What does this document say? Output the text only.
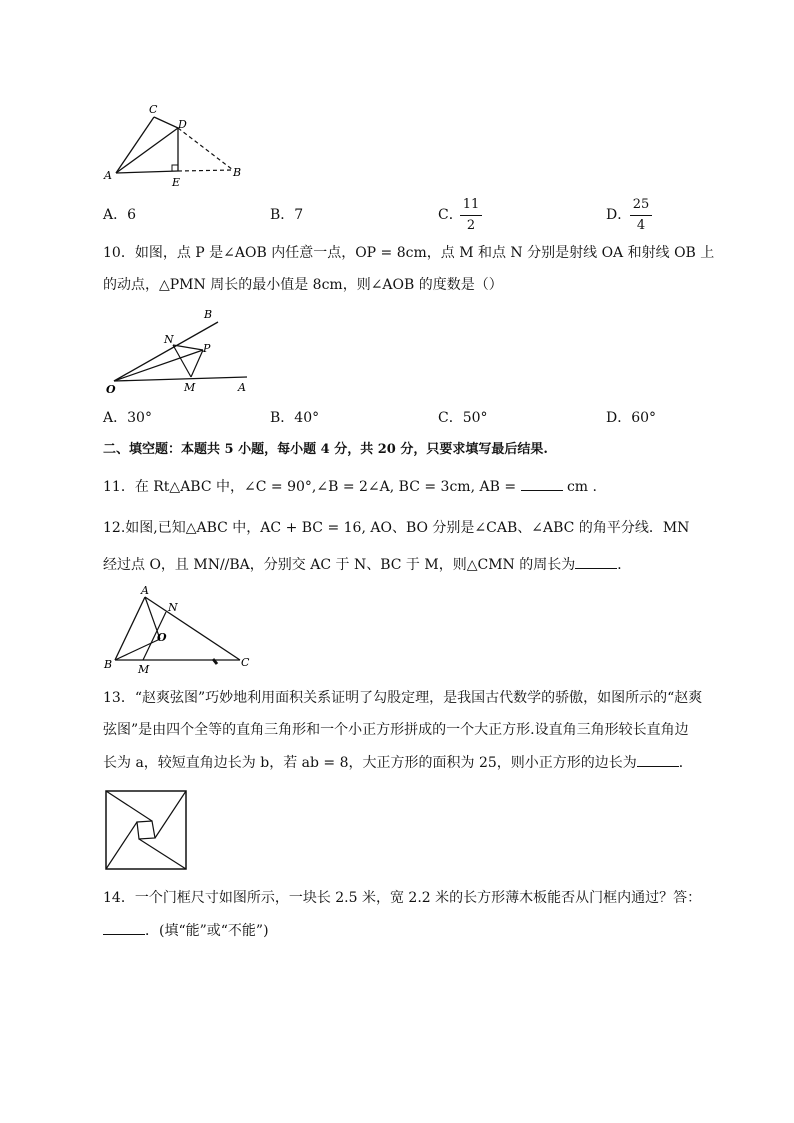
C
D
A
E
B
A．6	B．7	C．
11
2
D．
25
4
10．如图，点 P 是∠AOB 内任意一点，OP = 8cm，点 M 和点 N 分别是射线 OA 和射线 OB 上
的动点，△PMN 周长的最小值是 8cm，则∠AOB 的度数是（）
B
N
P
O	M	A
A．30°	B．40°	C．50°	D．60°
二、填空题：本题共 5 小题，每小题 4 分，共 20 分，只要求填写最后结果.
11．在 Rt△ABC 中，∠C = 90°,∠B = 2∠A, BC = 3cm, AB =	cm .
12.如图,已知△ABC 中，AC + BC = 16, AO、BO 分别是∠CAB、∠ABC 的角平分线．MN
经过点 O，且 MN//BA，分别交 AC 于 N、BC 于 M，则△CMN 的周长为	．
A
N
O
B M
C
13．“赵爽弦图”巧妙地利用面积关系证明了勾股定理，是我国古代数学的骄傲，如图所示的“赵爽
弦图”是由四个全等的直角三角形和一个小正方形拼成的一个大正方形.设直角三角形较长直角边
长为 a，较短直角边长为 b，若 ab = 8，大正方形的面积为 25，则小正方形的边长为	．
14．一个门框尺寸如图所示，一块长 2.5 米，宽 2.2 米的长方形薄木板能否从门框内通过？答：
．(填“能”或“不能”)
